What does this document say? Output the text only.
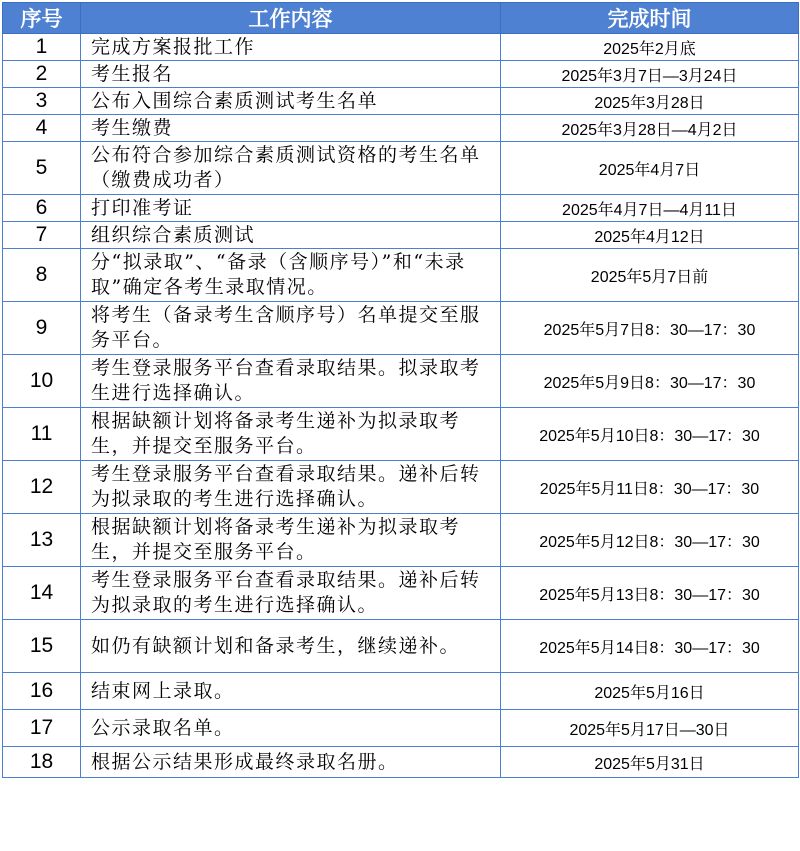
序号	工作内容	完成时间
1	完成方案报批工作	2025年2月底
2	考生报名	2025年3月7日—3月24日
3	公布入围综合素质测试考生名单	2025年3月28日
4	考生缴费	2025年3月28日—4月2日
5	公布符合参加综合素质测试资格的考生名单（缴费成功者）	2025年4月7日
6	打印准考证	2025年4月7日—4月11日
7	组织综合素质测试	2025年4月12日
8	分“拟录取”、“备录（含顺序号）”和“未录取”确定各考生录取情况。	2025年5月7日前
9	将考生（备录考生含顺序号）名单提交至服务平台。	2025年5月7日8：30—17：30
10	考生登录服务平台查看录取结果。拟录取考生进行选择确认。	2025年5月9日8：30—17：30
11	根据缺额计划将备录考生递补为拟录取考生，并提交至服务平台。	2025年5月10日8：30—17：30
12	考生登录服务平台查看录取结果。递补后转为拟录取的考生进行选择确认。	2025年5月11日8：30—17：30
13	根据缺额计划将备录考生递补为拟录取考生，并提交至服务平台。	2025年5月12日8：30—17：30
14	考生登录服务平台查看录取结果。递补后转为拟录取的考生进行选择确认。	2025年5月13日8：30—17：30
15	如仍有缺额计划和备录考生，继续递补。	2025年5月14日8：30—17：30
16	结束网上录取。	2025年5月16日
17	公示录取名单。	2025年5月17日—30日
18	根据公示结果形成最终录取名册。	2025年5月31日
